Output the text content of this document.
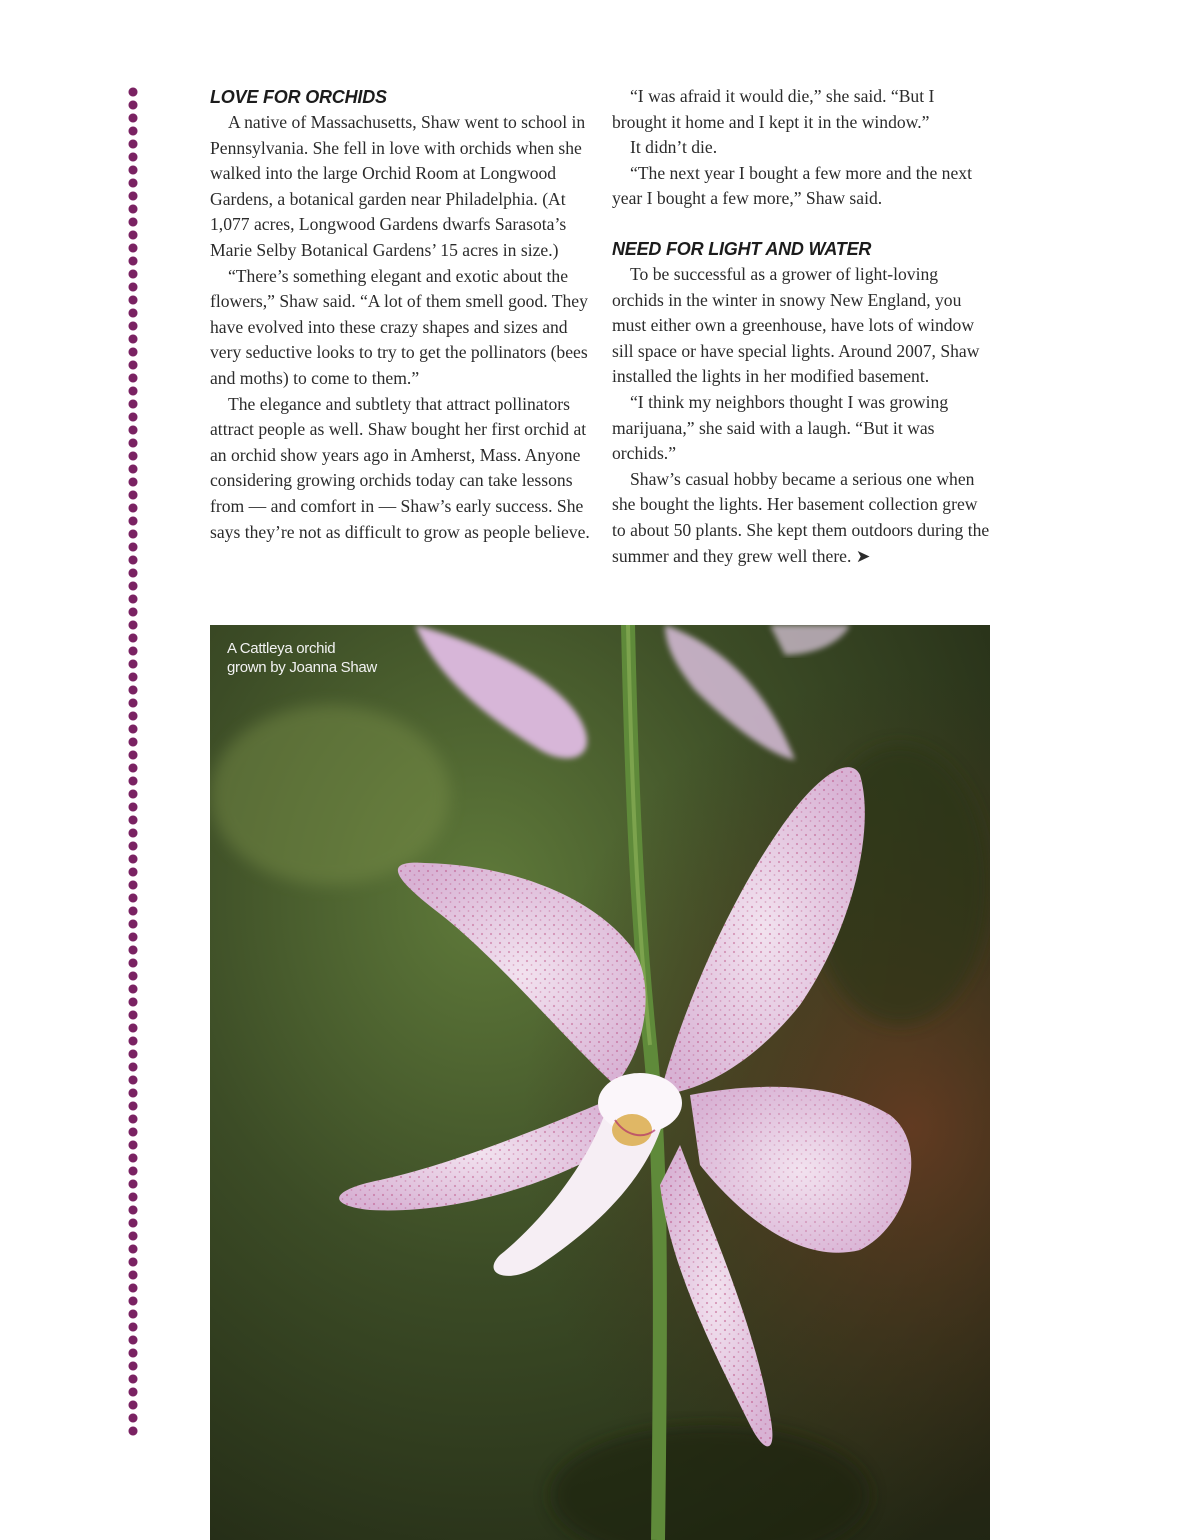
LOVE FOR ORCHIDS

A native of Massachusetts, Shaw went to school in Pennsylvania. She fell in love with orchids when she walked into the large Orchid Room at Longwood Gardens, a botanical garden near Philadelphia. (At 1,077 acres, Longwood Gardens dwarfs Sarasota’s Marie Selby Botanical Gardens’ 15 acres in size.)

“There’s something elegant and exotic about the flowers,” Shaw said. “A lot of them smell good. They have evolved into these crazy shapes and sizes and very seductive looks to try to get the pollinators (bees and moths) to come to them.”

The elegance and subtlety that attract pollinators attract people as well. Shaw bought her first orchid at an orchid show years ago in Amherst, Mass. Anyone considering growing orchids today can take lessons from — and comfort in — Shaw’s early success. She says they’re not as difficult to grow as people believe.

“I was afraid it would die,” she said. “But I brought it home and I kept it in the window.”

It didn’t die.

“The next year I bought a few more and the next year I bought a few more,” Shaw said.

NEED FOR LIGHT AND WATER

To be successful as a grower of light-loving orchids in the winter in snowy New England, you must either own a greenhouse, have lots of window sill space or have special lights. Around 2007, Shaw installed the lights in her modified basement.

“I think my neighbors thought I was growing marijuana,” she said with a laugh. “But it was orchids.”

Shaw’s casual hobby became a serious one when she bought the lights. Her basement collection grew to about 50 plants. She kept them outdoors during the summer and they grew well there. ➤

A Cattleya orchid
grown by Joanna Shaw
